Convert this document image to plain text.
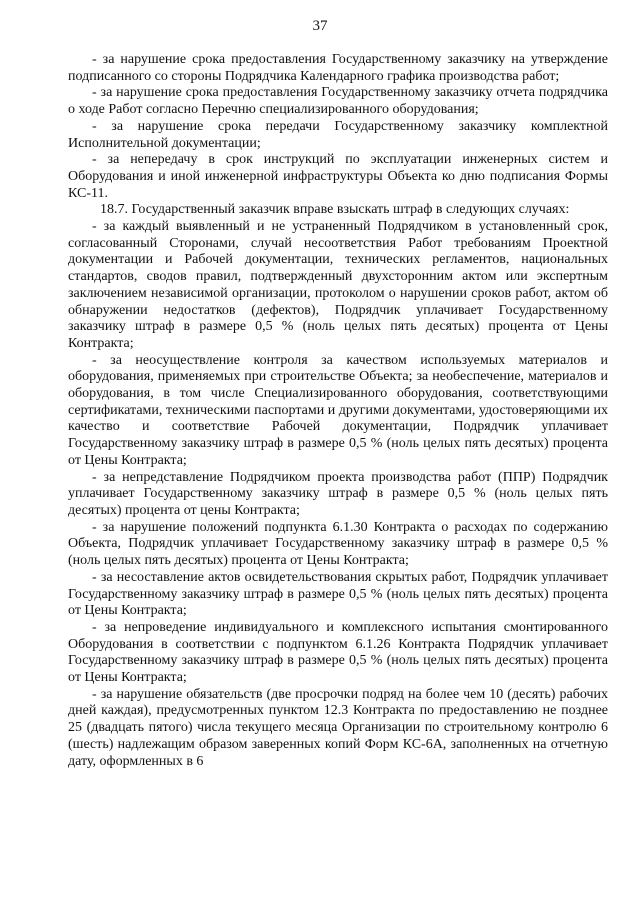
37

- за нарушение срока предоставления Государственному заказчику на утверждение подписанного со стороны Подрядчика Календарного графика производства работ;

- за нарушение срока предоставления Государственному заказчику отчета подрядчика о ходе Работ согласно Перечню специализированного оборудования;

- за нарушение срока передачи Государственному заказчику комплектной Исполнительной документации;

- за непередачу в срок инструкций по эксплуатации инженерных систем и Оборудования и иной инженерной инфраструктуры Объекта ко дню подписания Формы КС-11.

18.7. Государственный заказчик вправе взыскать штраф в следующих случаях:

- за каждый выявленный и не устраненный Подрядчиком в установленный срок, согласованный Сторонами, случай несоответствия Работ требованиям Проектной документации и Рабочей документации, технических регламентов, национальных стандартов, сводов правил, подтвержденный двухсторонним актом или экспертным заключением независимой организации, протоколом о нарушении сроков работ, актом об обнаружении недостатков (дефектов), Подрядчик уплачивает Государственному заказчику штраф в размере 0,5 % (ноль целых пять десятых) процента от Цены Контракта;

- за неосуществление контроля за качеством используемых материалов и оборудования, применяемых при строительстве Объекта; за необеспечение, материалов и оборудования, в том числе Специализированного оборудования, соответствующими сертификатами, техническими паспортами и другими документами, удостоверяющими их качество и соответствие Рабочей документации, Подрядчик уплачивает Государственному заказчику штраф в размере 0,5 % (ноль целых пять десятых) процента от Цены Контракта;

- за непредставление Подрядчиком проекта производства работ (ППР) Подрядчик уплачивает Государственному заказчику штраф в размере 0,5 % (ноль целых пять десятых) процента от цены Контракта;

- за нарушение положений подпункта 6.1.30 Контракта о расходах по содержанию Объекта, Подрядчик уплачивает Государственному заказчику штраф в размере 0,5 % (ноль целых пять десятых) процента от Цены Контракта;

- за несоставление актов освидетельствования скрытых работ, Подрядчик уплачивает Государственному заказчику штраф в размере 0,5 % (ноль целых пять десятых) процента от Цены Контракта;

- за непроведение индивидуального и комплексного испытания смонтированного Оборудования в соответствии с подпунктом 6.1.26 Контракта Подрядчик уплачивает Государственному заказчику штраф в размере 0,5 % (ноль целых пять десятых) процента от Цены Контракта;

- за нарушение обязательств (две просрочки подряд на более чем 10 (десять) рабочих дней каждая), предусмотренных пунктом 12.3 Контракта по предоставлению не позднее 25 (двадцать пятого) числа текущего месяца Организации по строительному контролю 6 (шесть) надлежащим образом заверенных копий Форм КС-6А, заполненных на отчетную дату, оформленных в 6
